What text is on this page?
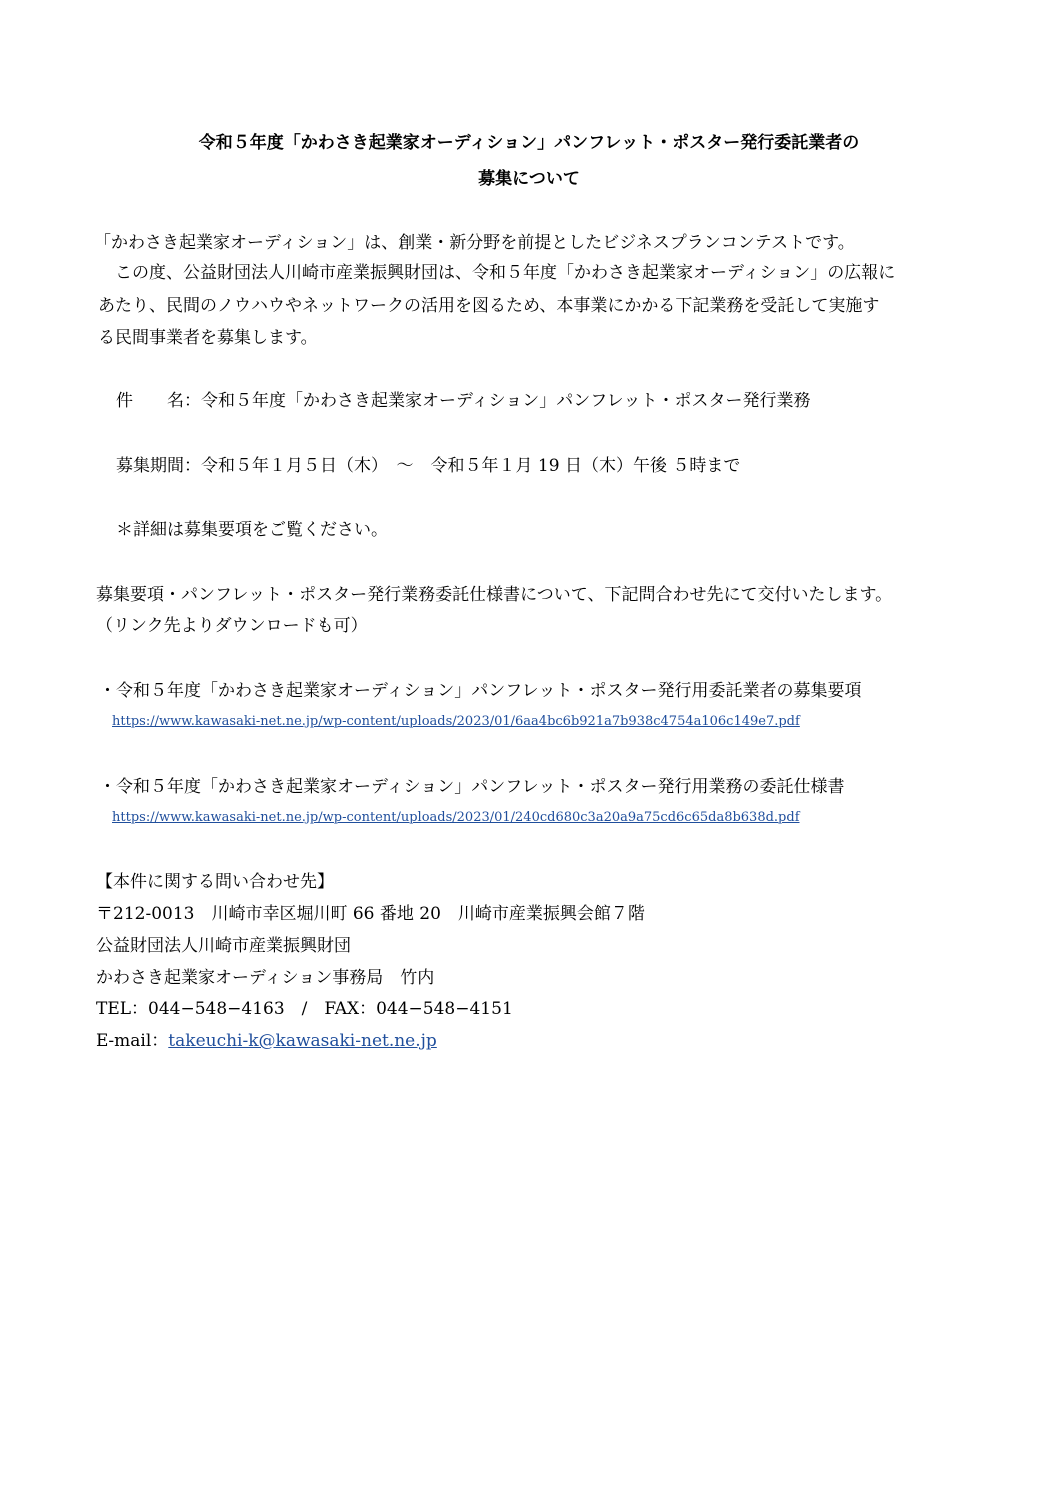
令和５年度「かわさき起業家オーディション」パンフレット・ポスター発行委託業者の
募集について
「かわさき起業家オーディション」は、創業・新分野を前提としたビジネスプランコンテストです。
　この度、公益財団法人川崎市産業振興財団は、令和５年度「かわさき起業家オーディション」の広報に
あたり、民間のノウハウやネットワークの活用を図るため、本事業にかかる下記業務を受託して実施す
る民間事業者を募集します。
件　　名：令和５年度「かわさき起業家オーディション」パンフレット・ポスター発行業務
募集期間：令和５年１月５日（木）　～　令和５年１月 19 日（木）午後 ５時まで
＊詳細は募集要項をご覧ください。
募集要項・パンフレット・ポスター発行業務委託仕様書について、下記問合わせ先にて交付いたします。
（リンク先よりダウンロードも可）
・令和５年度「かわさき起業家オーディション」パンフレット・ポスター発行用委託業者の募集要項
https://www.kawasaki-net.ne.jp/wp-content/uploads/2023/01/6aa4bc6b921a7b938c4754a106c149e7.pdf
・令和５年度「かわさき起業家オーディション」パンフレット・ポスター発行用業務の委託仕様書
https://www.kawasaki-net.ne.jp/wp-content/uploads/2023/01/240cd680c3a20a9a75cd6c65da8b638d.pdf
【本件に関する問い合わせ先】
〒212-0013　川崎市幸区堀川町 66 番地 20　川崎市産業振興会館７階
公益財団法人川崎市産業振興財団
かわさき起業家オーディション事務局　竹内
TEL：044−548−4163　/　FAX：044−548−4151
E‐mail：takeuchi-k@kawasaki-net.ne.jp
